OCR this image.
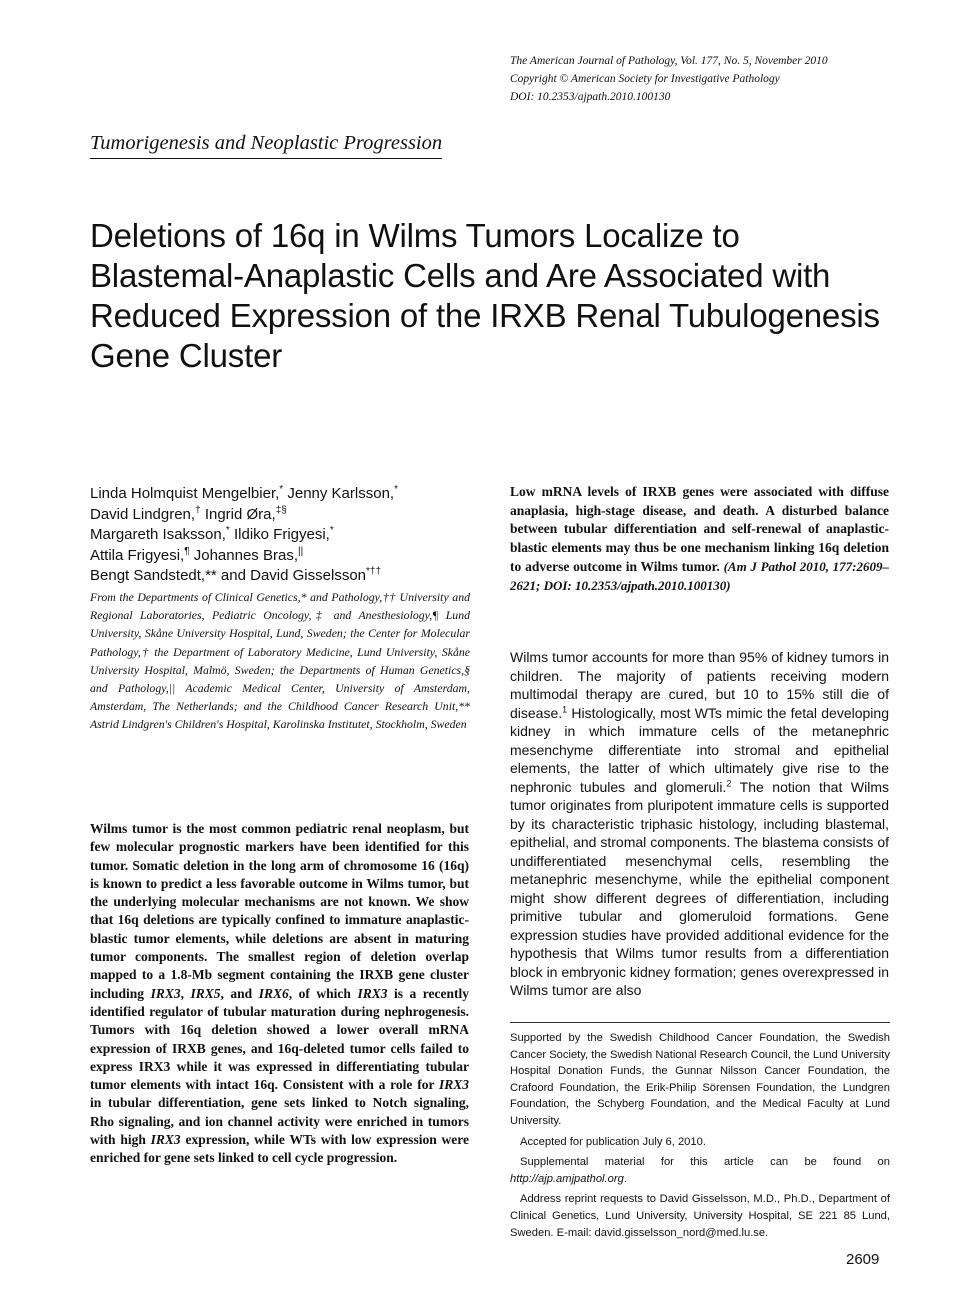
The American Journal of Pathology, Vol. 177, No. 5, November 2010
Copyright © American Society for Investigative Pathology
DOI: 10.2353/ajpath.2010.100130
Tumorigenesis and Neoplastic Progression
Deletions of 16q in Wilms Tumors Localize to Blastemal-Anaplastic Cells and Are Associated with Reduced Expression of the IRXB Renal Tubulogenesis Gene Cluster
Linda Holmquist Mengelbier,* Jenny Karlsson,*
David Lindgren,† Ingrid Øra,‡§
Margareth Isaksson,* Ildiko Frigyesi,*
Attila Frigyesi,¶ Johannes Bras,||
Bengt Sandstedt,** and David Gisselsson*††
From the Departments of Clinical Genetics,* and Pathology,†† University and Regional Laboratories, Pediatric Oncology,‡ and Anesthesiology,¶ Lund University, Skåne University Hospital, Lund, Sweden; the Center for Molecular Pathology,† the Department of Laboratory Medicine, Lund University, Skåne University Hospital, Malmö, Sweden; the Departments of Human Genetics,§ and Pathology,|| Academic Medical Center, University of Amsterdam, Amsterdam, The Netherlands; and the Childhood Cancer Research Unit,** Astrid Lindgren's Children's Hospital, Karolinska Institutet, Stockholm, Sweden

Wilms tumor is the most common pediatric renal neoplasm, but few molecular prognostic markers have been identified for this tumor. Somatic deletion in the long arm of chromosome 16 (16q) is known to predict a less favorable outcome in Wilms tumor, but the underlying molecular mechanisms are not known. We show that 16q deletions are typically confined to immature anaplastic-blastic tumor elements, while deletions are absent in maturing tumor components. The smallest region of deletion overlap mapped to a 1.8-Mb segment containing the IRXB gene cluster including IRX3, IRX5, and IRX6, of which IRX3 is a recently identified regulator of tubular maturation during nephrogenesis. Tumors with 16q deletion showed a lower overall mRNA expression of IRXB genes, and 16q-deleted tumor cells failed to express IRX3 while it was expressed in differentiating tubular tumor elements with intact 16q. Consistent with a role for IRX3 in tubular differentiation, gene sets linked to Notch signaling, Rho signaling, and ion channel activity were enriched in tumors with high IRX3 expression, while WTs with low expression were enriched for gene sets linked to cell cycle progression.

Low mRNA levels of IRXB genes were associated with diffuse anaplasia, high-stage disease, and death. A disturbed balance between tubular differentiation and self-renewal of anaplastic-blastic elements may thus be one mechanism linking 16q deletion to adverse outcome in Wilms tumor. (Am J Pathol 2010, 177:2609–2621; DOI: 10.2353/ajpath.2010.100130)

Wilms tumor accounts for more than 95% of kidney tumors in children. The majority of patients receiving modern multimodal therapy are cured, but 10 to 15% still die of disease.$^1$ Histologically, most WTs mimic the fetal developing kidney in which immature cells of the metanephric mesenchyme differentiate into stromal and epithelial elements, the latter of which ultimately give rise to the nephronic tubules and glomeruli.$^2$ The notion that Wilms tumor originates from pluripotent immature cells is supported by its characteristic triphasic histology, including blastemal, epithelial, and stromal components. The blastema consists of undifferentiated mesenchymal cells, resembling the metanephric mesenchyme, while the epithelial component might show different degrees of differentiation, including primitive tubular and glomeruloid formations. Gene expression studies have provided additional evidence for the hypothesis that Wilms tumor results from a differentiation block in embryonic kidney formation; genes overexpressed in Wilms tumor are also

Supported by the Swedish Childhood Cancer Foundation, the Swedish Cancer Society, the Swedish National Research Council, the Lund University Hospital Donation Funds, the Gunnar Nilsson Cancer Foundation, the Crafoord Foundation, the Erik-Philip Sörensen Foundation, the Lundgren Foundation, the Schyberg Foundation, and the Medical Faculty at Lund University.

Accepted for publication July 6, 2010.

Supplemental material for this article can be found on http://ajp.amjpathol.org.

Address reprint requests to David Gisselsson, M.D., Ph.D., Department of Clinical Genetics, Lund University, University Hospital, SE 221 85 Lund, Sweden. E-mail: david.gisselsson_nord@med.lu.se.

2609
